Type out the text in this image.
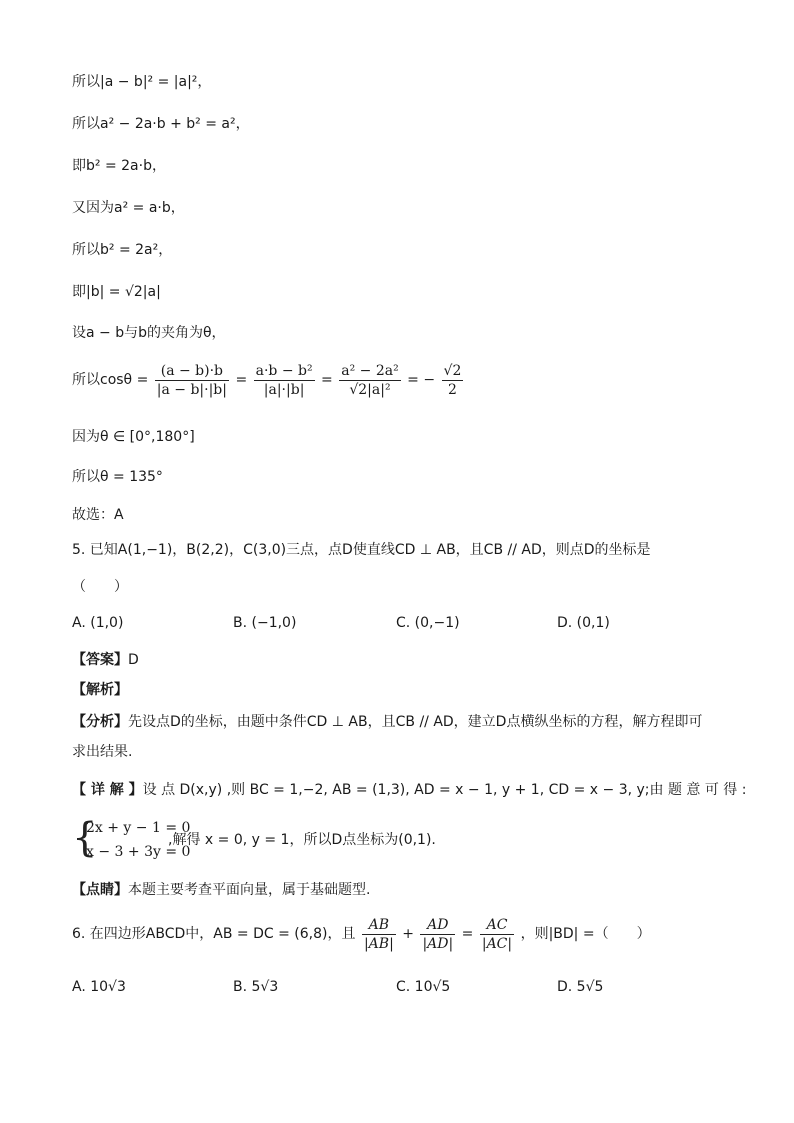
所以|a − b|² = |a|²，
所以a² − 2a·b + b² = a²，
即b² = 2a·b，
又因为a² = a·b，
所以b² = 2a²，
即|b| = √2|a|
设a − b与b的夹角为θ，
所以$\cos\theta = \frac{(a - b)\cdot b}{|a - b|\cdot|b|} = \frac{\text{a·b − b²}}{|a|\cdot|b|} = \frac{\text{a² − 2a²}}{\text{√2|a|²}}$ = − $\frac{√2}{2}$
因为θ ∈ [0°,180°]
所以θ = 135°
故选：A
5. 已知A(1,−1)，B(2,2)，C(3,0)三点，点D使直线CD ⊥ AB，且CB // AD，则点D的坐标是
（　　）
A. (1,0)	B. (−1,0)	C. (0,−1)	D. (0,1)
【答案】D
【解析】
【分析】先设点D的坐标，由题中条件CD ⊥ AB，且CB // AD，建立D点横纵坐标的方程，解方程即可
求出结果.
【 详 解 】设 点 D(x,y) ,则 BC = 1,−2, AB = (1,3), AD = x − 1, y + 1, CD = x − 3, y;由 题 意 可 得 :
{
2x + y − 1 = 0
x − 3 + 3y = 0
,解得 x = 0, y = 1，所以D点坐标为(0,1).
【点睛】本题主要考查平面向量，属于基础题型.
6. 在四边形ABCD中，AB = DC = (6,8)，且 $\frac{AB}{|AB|} + \frac{AD}{|AD|} = \frac{AC}{|AC|}$ ，则|BD| =（　　）
A. 10√3	B. 5√3	C. 10√5	D. 5√5
